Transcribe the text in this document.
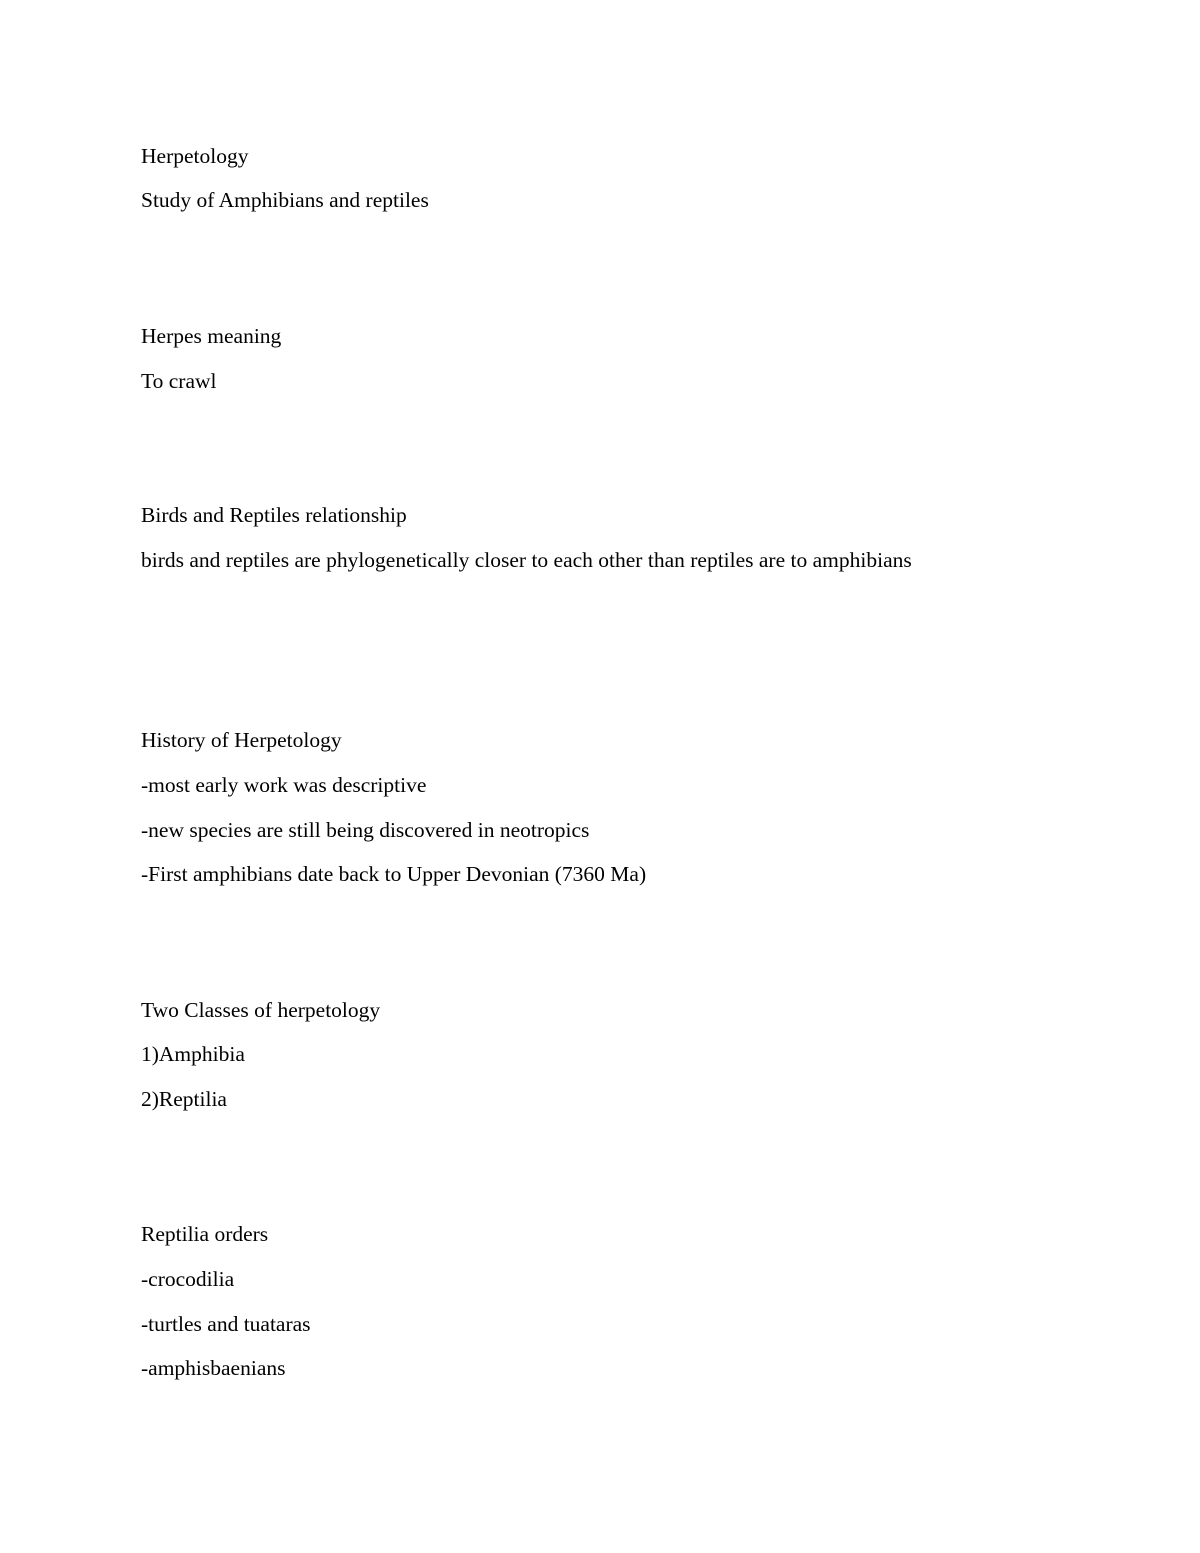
Herpetology
Study of Amphibians and reptiles
Herpes meaning
To crawl
Birds and Reptiles relationship
birds and reptiles are phylogenetically closer to each other than reptiles are to amphibians
History of Herpetology
-most early work was descriptive
-new species are still being discovered in neotropics
-First amphibians date back to Upper Devonian (7360 Ma)
Two Classes of herpetology
1)Amphibia
2)Reptilia
Reptilia orders
-crocodilia
-turtles and tuataras
-amphisbaenians
